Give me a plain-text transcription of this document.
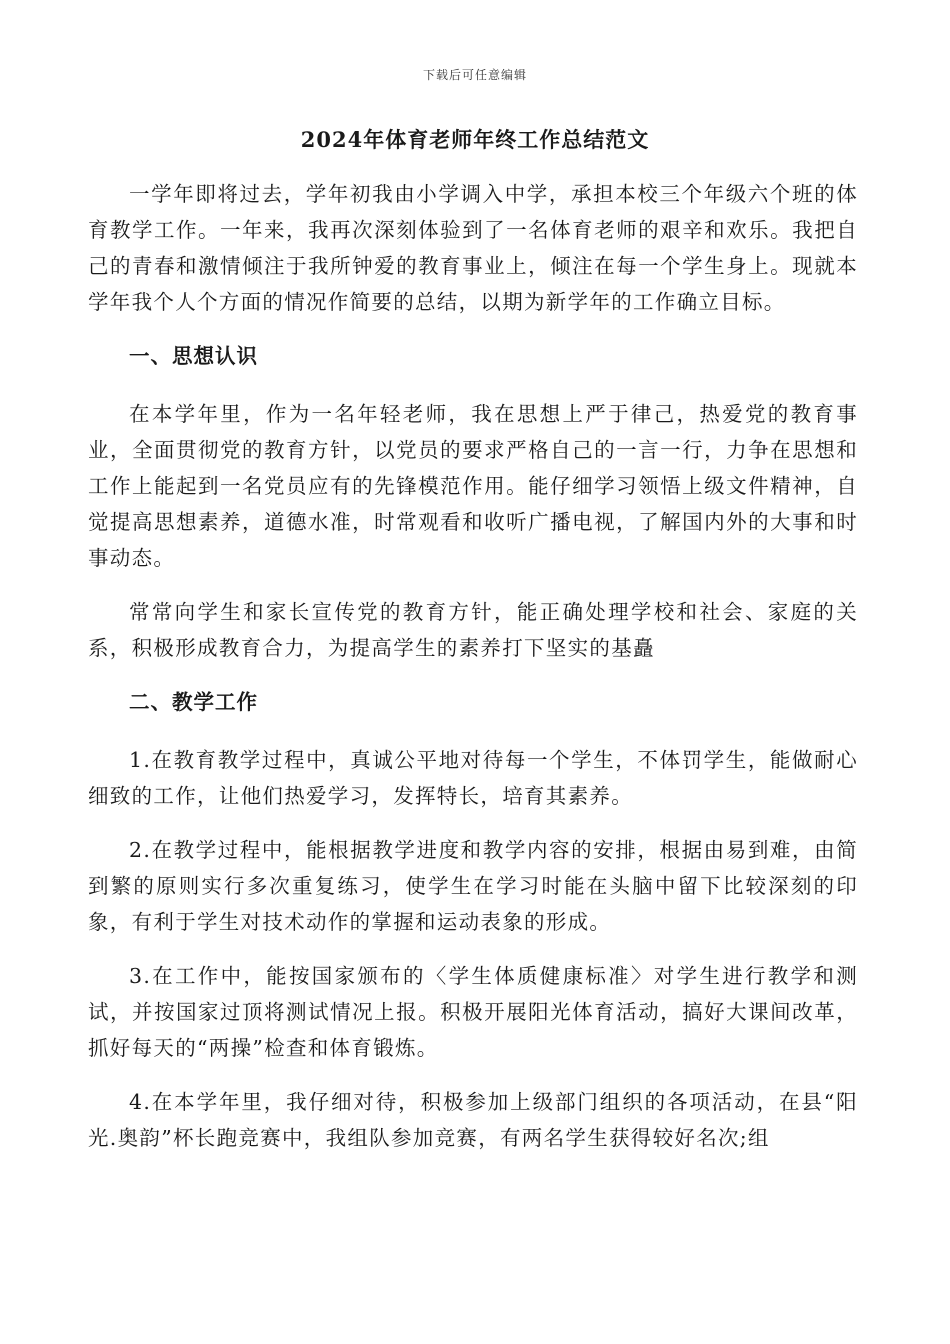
下载后可任意编辑
2024年体育老师年终工作总结范文

一学年即将过去，学年初我由小学调入中学，承担本校三个年级六个班的体育教学工作。一年来，我再次深刻体验到了一名体育老师的艰辛和欢乐。我把自己的青春和激情倾注于我所钟爱的教育事业上，倾注在每一个学生身上。现就本学年我个人个方面的情况作简要的总结，以期为新学年的工作确立目标。

一、思想认识

在本学年里，作为一名年轻老师，我在思想上严于律己，热爱党的教育事业，全面贯彻党的教育方针，以党员的要求严格自己的一言一行，力争在思想和工作上能起到一名党员应有的先锋模范作用。能仔细学习领悟上级文件精神，自觉提高思想素养，道德水准，时常观看和收听广播电视，了解国内外的大事和时事动态。

常常向学生和家长宣传党的教育方针，能正确处理学校和社会、家庭的关系，积极形成教育合力，为提高学生的素养打下坚实的基矗

二、教学工作

1.在教育教学过程中，真诚公平地对待每一个学生，不体罚学生，能做耐心细致的工作，让他们热爱学习，发挥特长，培育其素养。

2.在教学过程中，能根据教学进度和教学内容的安排，根据由易到难，由简到繁的原则实行多次重复练习，使学生在学习时能在头脑中留下比较深刻的印象，有利于学生对技术动作的掌握和运动表象的形成。

3.在工作中，能按国家颁布的〈学生体质健康标准〉对学生进行教学和测试，并按国家过顶将测试情况上报。积极开展阳光体育活动，搞好大课间改革，抓好每天的“两操”检查和体育锻炼。

4.在本学年里，我仔细对待，积极参加上级部门组织的各项活动，在县“阳光.奥韵”杯长跑竞赛中，我组队参加竞赛，有两名学生获得较好名次;组
